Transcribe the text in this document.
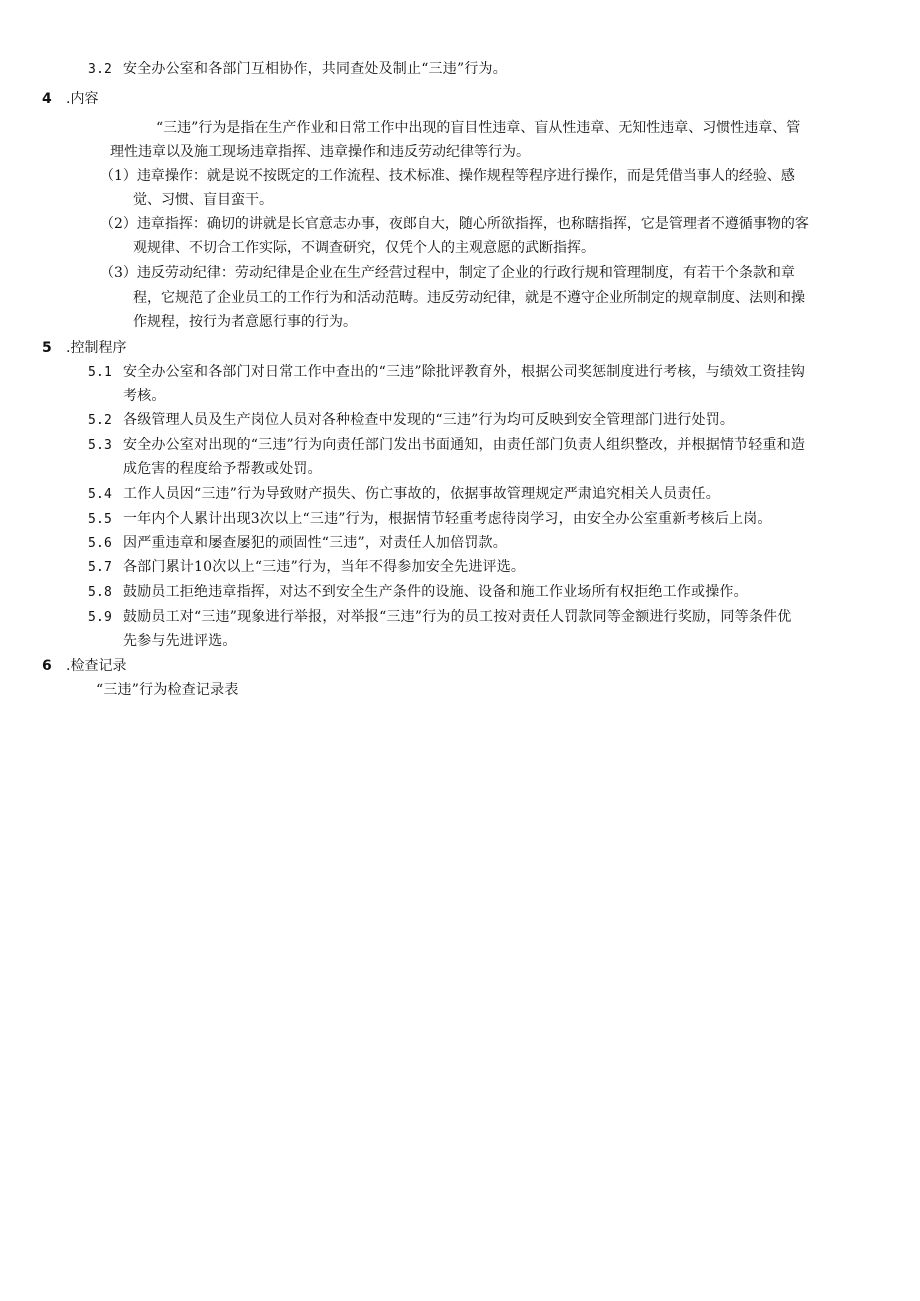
3.2 安全办公室和各部门互相协作，共同查处及制止“三违”行为。
4 .内容
“三违”行为是指在生产作业和日常工作中出现的盲目性违章、盲从性违章、无知性违章、习惯性违章、管
理性违章以及施工现场违章指挥、违章操作和违反劳动纪律等行为。
（1）违章操作：就是说不按既定的工作流程、技术标准、操作规程等程序进行操作，而是凭借当事人的经验、感
觉、习惯、盲目蛮干。
（2）违章指挥：确切的讲就是长官意志办事，夜郎自大，随心所欲指挥，也称瞎指挥，它是管理者不遵循事物的客
观规律、不切合工作实际，不调查研究，仅凭个人的主观意愿的武断指挥。
（3）违反劳动纪律：劳动纪律是企业在生产经营过程中，制定了企业的行政行规和管理制度，有若干个条款和章
程，它规范了企业员工的工作行为和活动范畴。违反劳动纪律，就是不遵守企业所制定的规章制度、法则和操
作规程，按行为者意愿行事的行为。
5 .控制程序
5.1 安全办公室和各部门对日常工作中查出的“三违”除批评教育外，根据公司奖惩制度进行考核，与绩效工资挂钩
考核。
5.2 各级管理人员及生产岗位人员对各种检查中发现的“三违”行为均可反映到安全管理部门进行处罚。
5.3 安全办公室对出现的“三违”行为向责任部门发出书面通知，由责任部门负责人组织整改，并根据情节轻重和造
成危害的程度给予帮教或处罚。
5.4 工作人员因“三违”行为导致财产损失、伤亡事故的，依据事故管理规定严肃追究相关人员责任。
5.5 一年内个人累计出现3次以上“三违”行为，根据情节轻重考虑待岗学习，由安全办公室重新考核后上岗。
5.6 因严重违章和屡查屡犯的顽固性“三违”，对责任人加倍罚款。
5.7 各部门累计10次以上“三违”行为，当年不得参加安全先进评选。
5.8 鼓励员工拒绝违章指挥，对达不到安全生产条件的设施、设备和施工作业场所有权拒绝工作或操作。
5.9 鼓励员工对“三违”现象进行举报，对举报“三违”行为的员工按对责任人罚款同等金额进行奖励，同等条件优
先参与先进评选。
6 .检查记录
“三违”行为检查记录表
